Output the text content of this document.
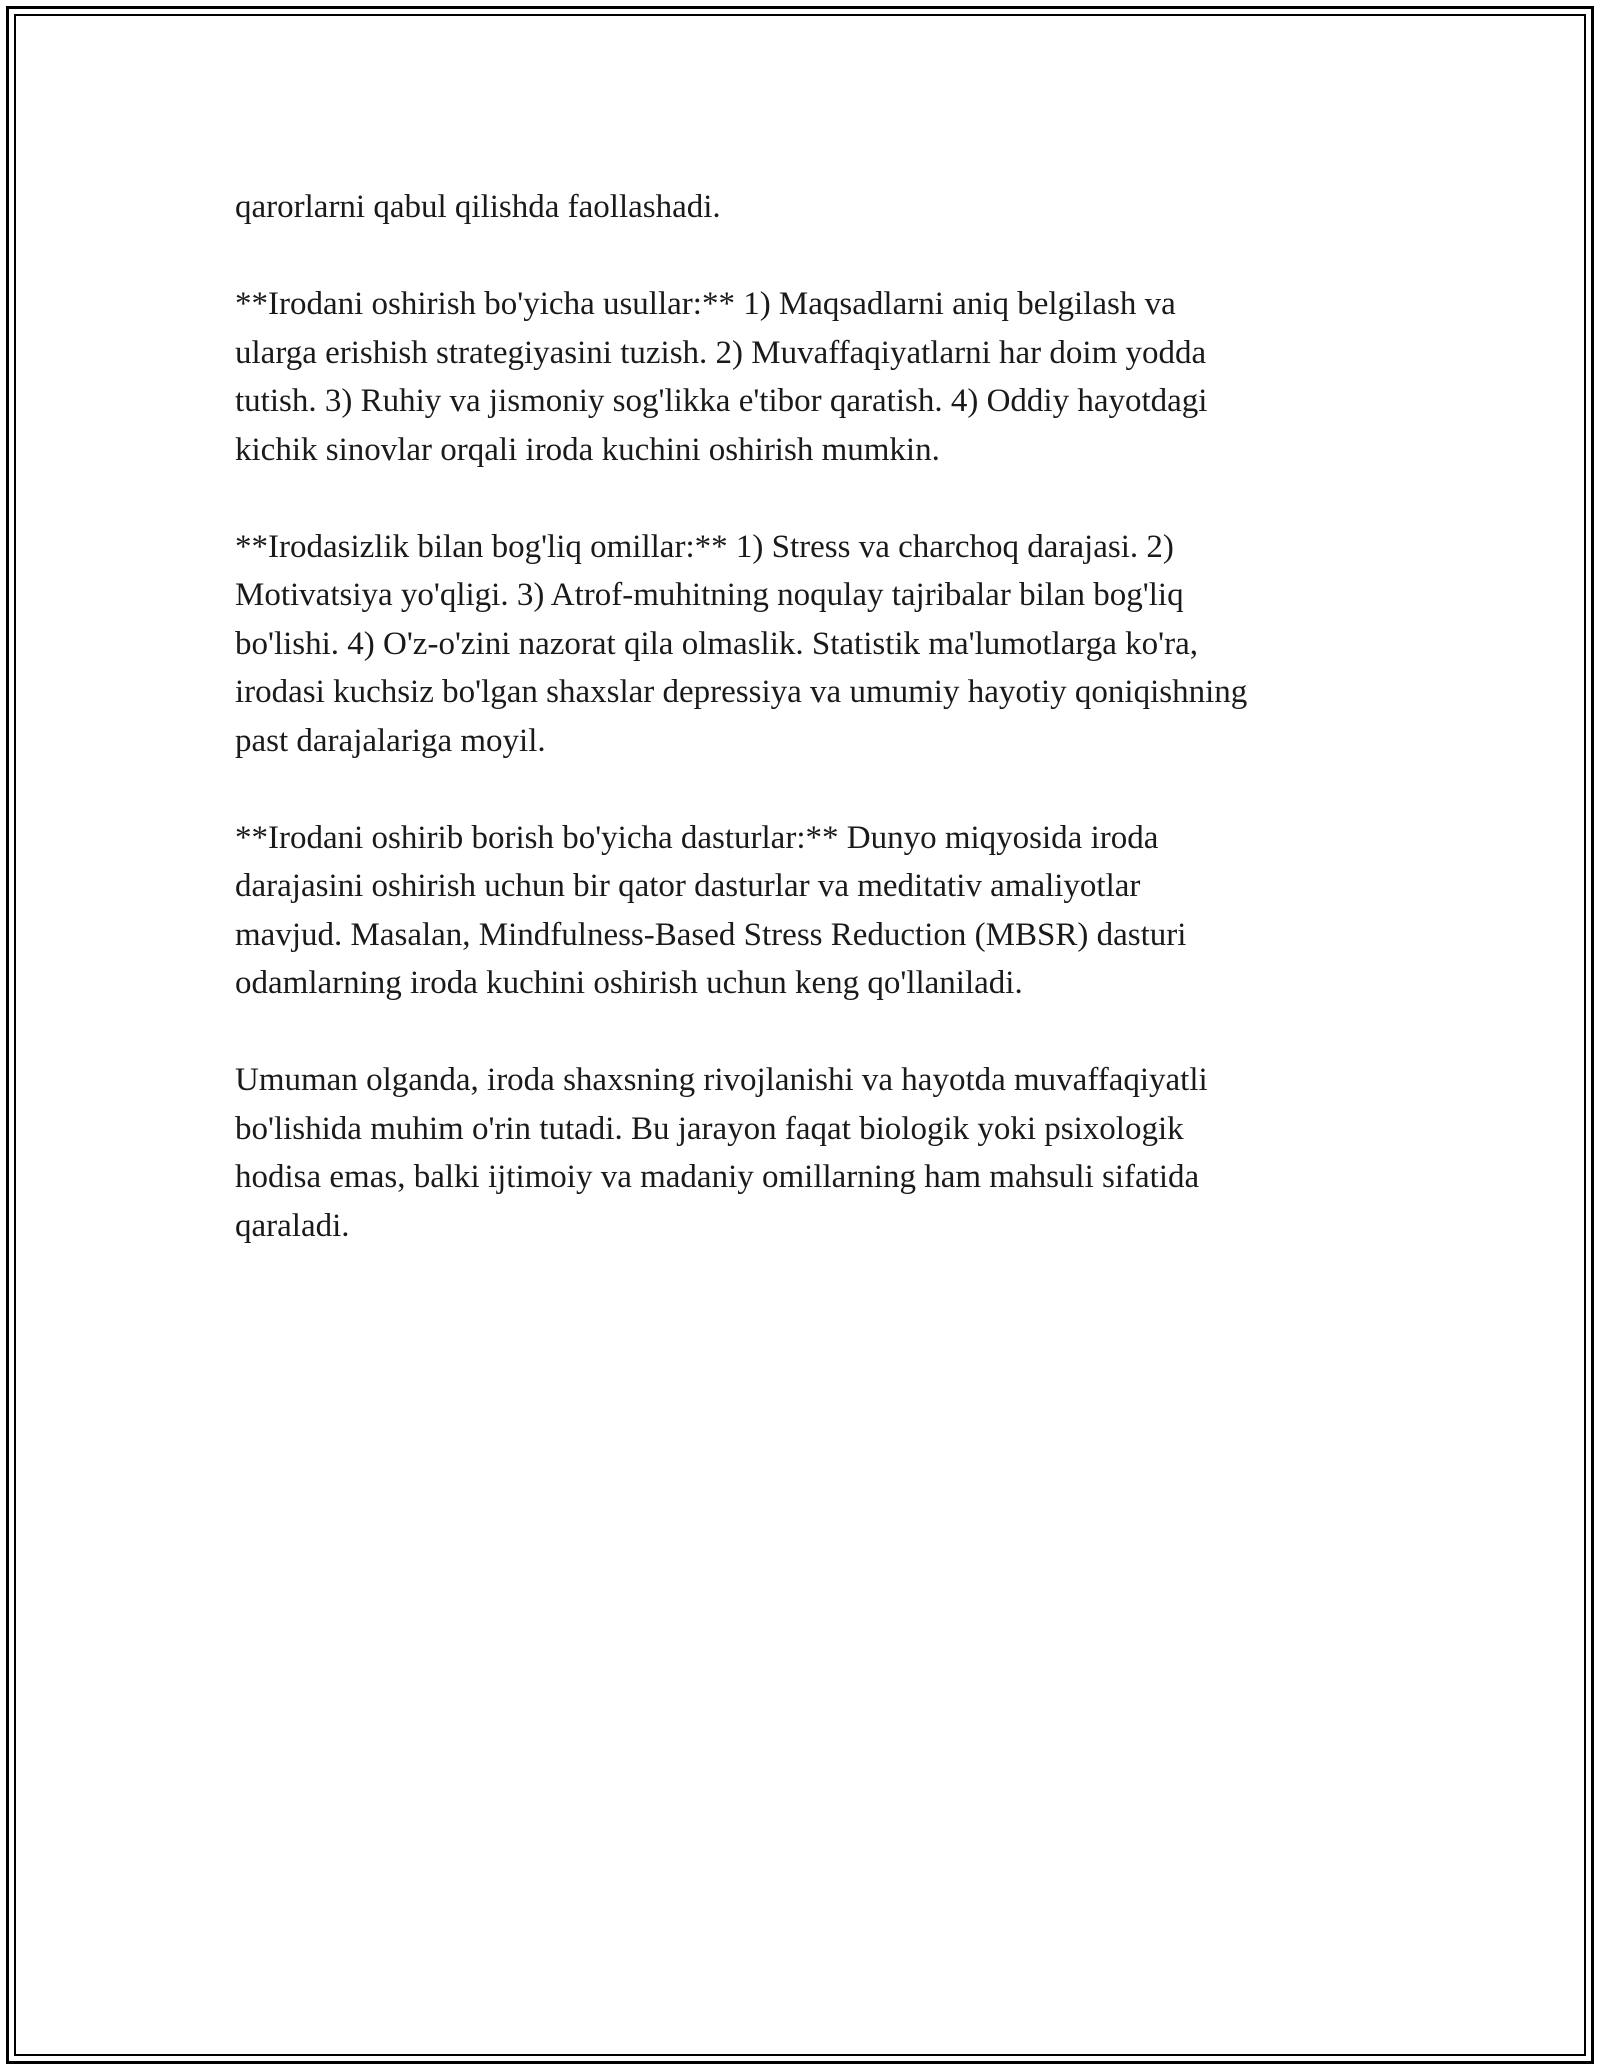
qarorlarni qabul qilishda faollashadi.

**Irodani oshirish bo'yicha usullar:** 1) Maqsadlarni aniq belgilash va
ularga erishish strategiyasini tuzish. 2) Muvaffaqiyatlarni har doim yodda
tutish. 3) Ruhiy va jismoniy sog'likka e'tibor qaratish. 4) Oddiy hayotdagi
kichik sinovlar orqali iroda kuchini oshirish mumkin.

**Irodasizlik bilan bog'liq omillar:** 1) Stress va charchoq darajasi. 2)
Motivatsiya yo'qligi. 3) Atrof-muhitning noqulay tajribalar bilan bog'liq
bo'lishi. 4) O'z-o'zini nazorat qila olmaslik. Statistik ma'lumotlarga ko'ra,
irodasi kuchsiz bo'lgan shaxslar depressiya va umumiy hayotiy qoniqishning
past darajalariga moyil.

**Irodani oshirib borish bo'yicha dasturlar:** Dunyo miqyosida iroda
darajasini oshirish uchun bir qator dasturlar va meditativ amaliyotlar
mavjud. Masalan, Mindfulness-Based Stress Reduction (MBSR) dasturi
odamlarning iroda kuchini oshirish uchun keng qo'llaniladi.

Umuman olganda, iroda shaxsning rivojlanishi va hayotda muvaffaqiyatli
bo'lishida muhim o'rin tutadi. Bu jarayon faqat biologik yoki psixologik
hodisa emas, balki ijtimoiy va madaniy omillarning ham mahsuli sifatida
qaraladi.
